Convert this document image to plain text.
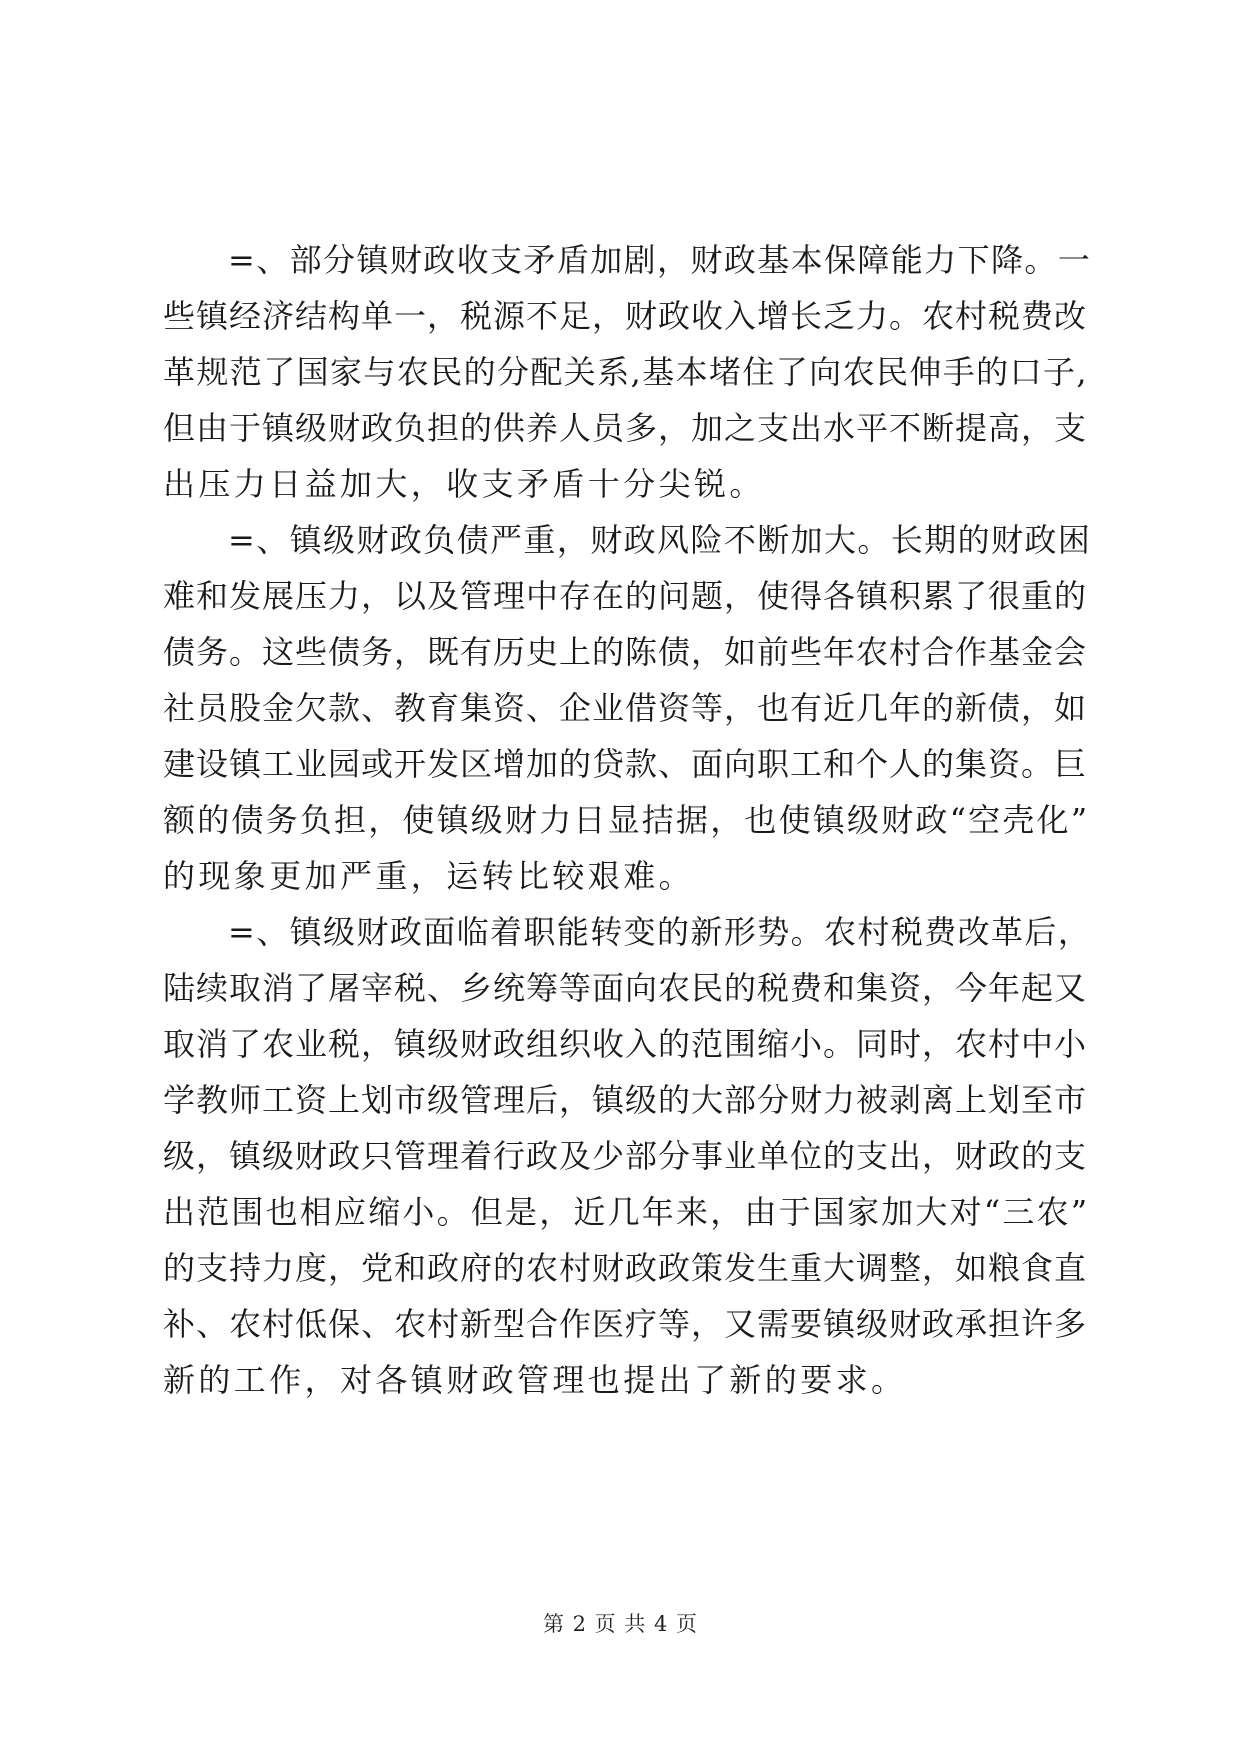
=、部分镇财政收支矛盾加剧，财政基本保障能力下降。一
些镇经济结构单一，税源不足，财政收入增长乏力。农村税费改
革规范了国家与农民的分配关系,基本堵住了向农民伸手的口子,
但由于镇级财政负担的供养人员多，加之支出水平不断提高，支
出压力日益加大，收支矛盾十分尖锐。
=、镇级财政负债严重，财政风险不断加大。长期的财政困
难和发展压力，以及管理中存在的问题，使得各镇积累了很重的
债务。这些债务，既有历史上的陈债，如前些年农村合作基金会
社员股金欠款、教育集资、企业借资等，也有近几年的新债，如
建设镇工业园或开发区增加的贷款、面向职工和个人的集资。巨
额的债务负担，使镇级财力日显拮据，也使镇级财政“空壳化”
的现象更加严重，运转比较艰难。
=、镇级财政面临着职能转变的新形势。农村税费改革后，
陆续取消了屠宰税、乡统筹等面向农民的税费和集资，今年起又
取消了农业税，镇级财政组织收入的范围缩小。同时，农村中小
学教师工资上划市级管理后，镇级的大部分财力被剥离上划至市
级，镇级财政只管理着行政及少部分事业单位的支出，财政的支
出范围也相应缩小。但是，近几年来，由于国家加大对“三农”
的支持力度，党和政府的农村财政政策发生重大调整，如粮食直
补、农村低保、农村新型合作医疗等，又需要镇级财政承担许多
新的工作，对各镇财政管理也提出了新的要求。
第 2 页 共 4 页
